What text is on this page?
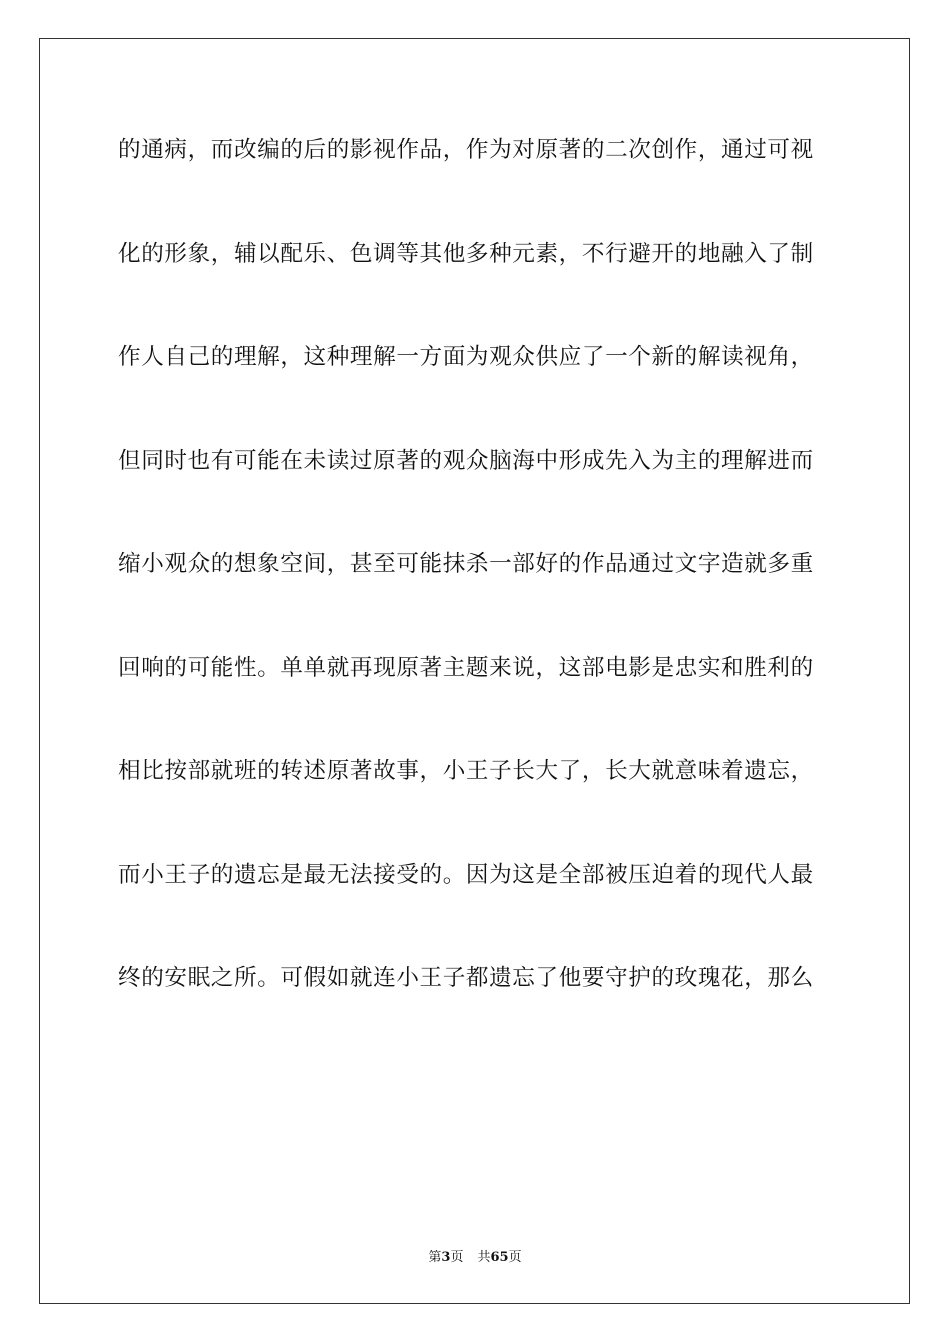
的通病，而改编的后的影视作品，作为对原著的二次创作，通过可视
化的形象，辅以配乐、色调等其他多种元素，不行避开的地融入了制
作人自己的理解，这种理解一方面为观众供应了一个新的解读视角，
但同时也有可能在未读过原著的观众脑海中形成先入为主的理解进而
缩小观众的想象空间，甚至可能抹杀一部好的作品通过文字造就多重
回响的可能性。单单就再现原著主题来说，这部电影是忠实和胜利的
相比按部就班的转述原著故事，小王子长大了，长大就意味着遗忘，
而小王子的遗忘是最无法接受的。因为这是全部被压迫着的现代人最
终的安眠之所。可假如就连小王子都遗忘了他要守护的玫瑰花，那么
第3页 共65页
